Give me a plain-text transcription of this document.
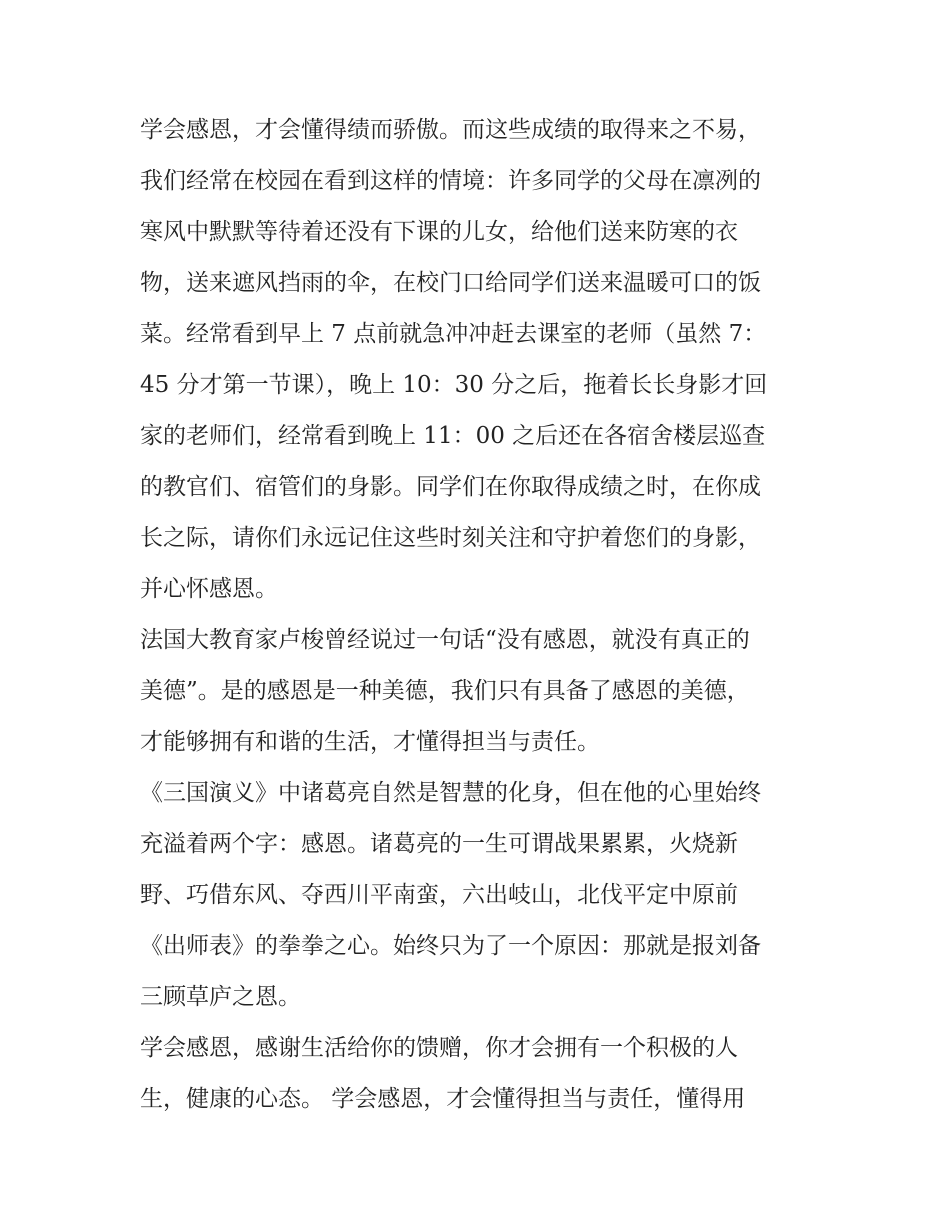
学会感恩，才会懂得绩而骄傲。而这些成绩的取得来之不易，
我们经常在校园在看到这样的情境：许多同学的父母在凛冽的
寒风中默默等待着还没有下课的儿女，给他们送来防寒的衣
物，送来遮风挡雨的伞，在校门口给同学们送来温暖可口的饭
菜。经常看到早上 7 点前就急冲冲赶去课室的老师（虽然 7：
45 分才第一节课），晚上 10：30 分之后，拖着长长身影才回
家的老师们，经常看到晚上 11：00 之后还在各宿舍楼层巡查
的教官们、宿管们的身影。同学们在你取得成绩之时，在你成
长之际，请你们永远记住这些时刻关注和守护着您们的身影，
并心怀感恩。
法国大教育家卢梭曾经说过一句话“没有感恩，就没有真正的
美德”。是的感恩是一种美德，我们只有具备了感恩的美德，
才能够拥有和谐的生活，才懂得担当与责任。
《三国演义》中诸葛亮自然是智慧的化身，但在他的心里始终
充溢着两个字：感恩。诸葛亮的一生可谓战果累累，火烧新
野、巧借东风、夺西川平南蛮，六出岐山，北伐平定中原前
《出师表》的拳拳之心。始终只为了一个原因：那就是报刘备
三顾草庐之恩。
学会感恩，感谢生活给你的馈赠，你才会拥有一个积极的人
生，健康的心态。 学会感恩，才会懂得担当与责任，懂得用
